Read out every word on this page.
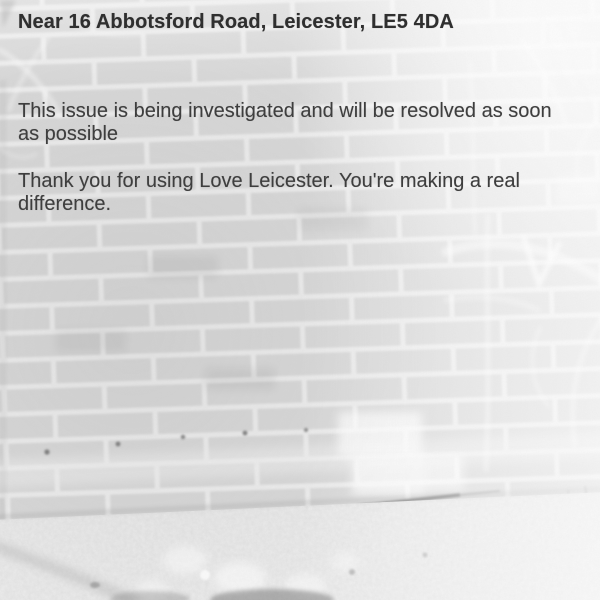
Near 16 Abbotsford Road, Leicester, LE5 4DA

This issue is being investigated and will be resolved as soon as possible

Thank you for using Love Leicester. You're making a real difference.
